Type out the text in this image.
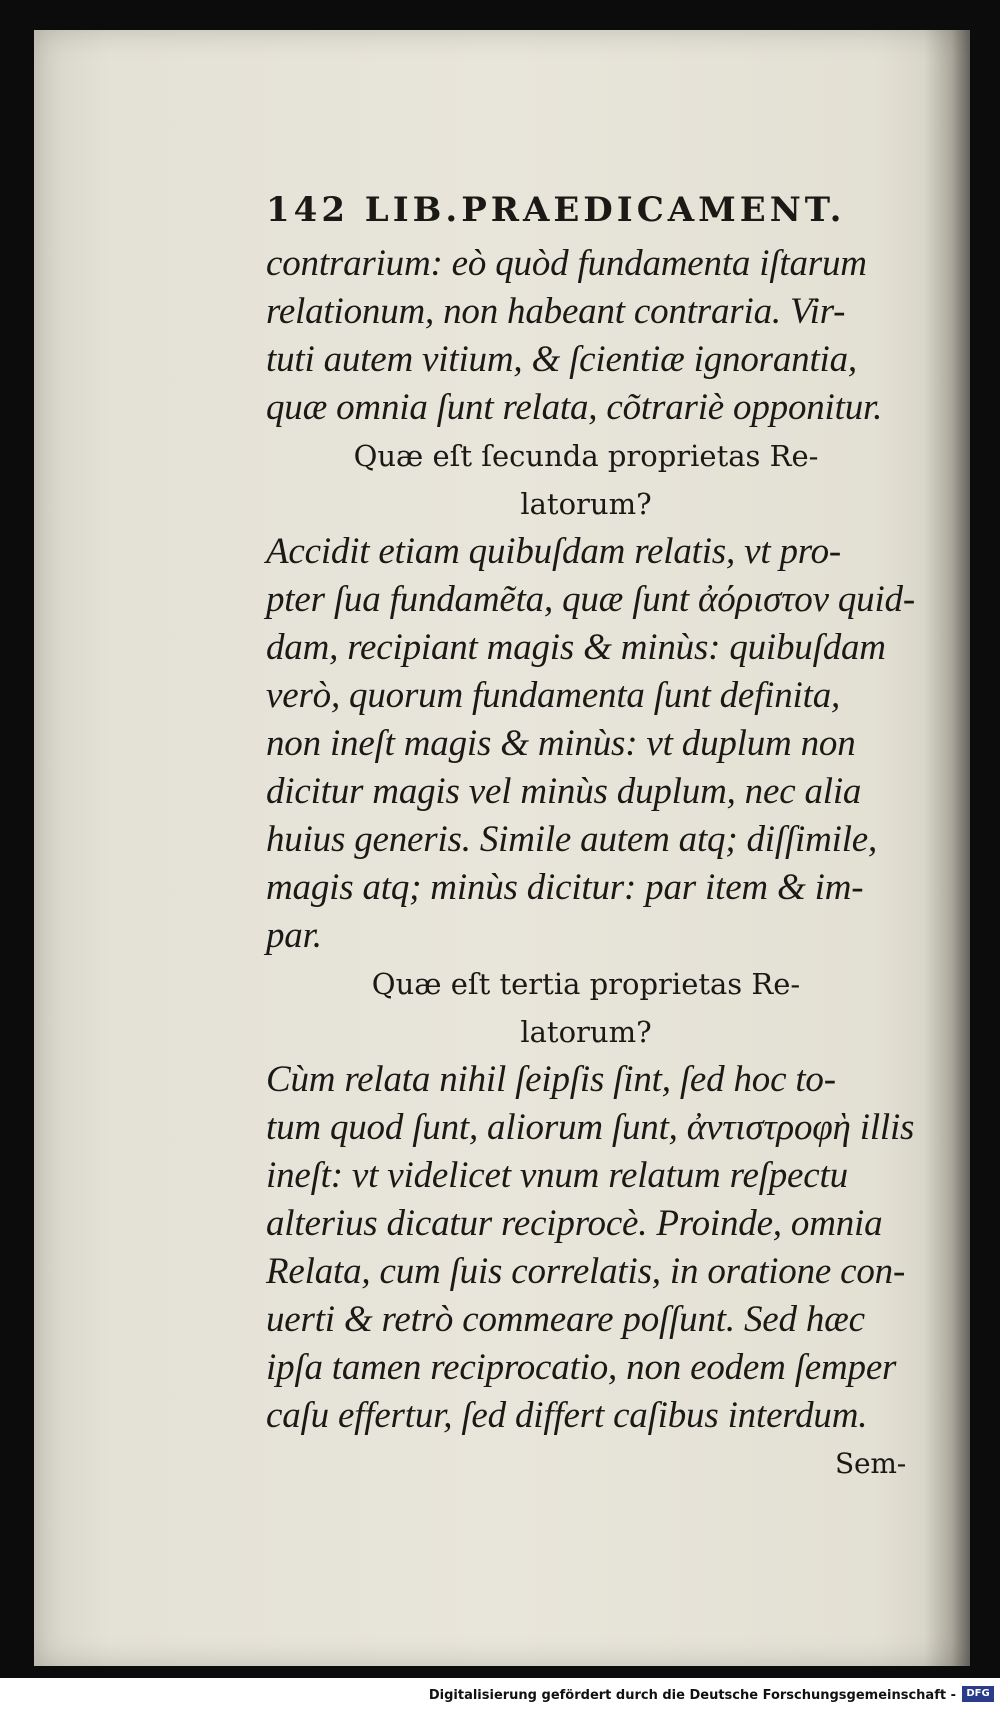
142 LIB.PRAEDICAMENT.
contrarium: eò quòd fundamenta iſtarum
relationum, non habeant contraria. Vir-
tuti autem vitium, & ſcientiæ ignorantia,
quæ omnia ſunt relata, cõtrariè opponitur.
Quæ eſt ſecunda proprietas Re-
latorum?
Accidit etiam quibuſdam relatis, vt pro-
pter ſua fundamẽta, quæ ſunt ἀόριστον quid-
dam, recipiant magis & minùs: quibuſdam
verò, quorum fundamenta ſunt definita,
non ineſt magis & minùs: vt duplum non
dicitur magis vel minùs duplum, nec alia
huius generis. Simile autem atq; diſſimile,
magis atq; minùs dicitur: par item & im-
par.
Quæ eſt tertia proprietas Re-
latorum?
Cùm relata nihil ſeipſis ſint, ſed hoc to-
tum quod ſunt, aliorum ſunt, ἀντιστροφὴ illis
ineſt: vt videlicet vnum relatum reſpectu
alterius dicatur reciprocè. Proinde, omnia
Relata, cum ſuis correlatis, in oratione con-
uerti & retrò commeare poſſunt. Sed hæc
ipſa tamen reciprocatio, non eodem ſemper
caſu effertur, ſed differt caſibus interdum.
Sem-
Digitalisierung gefördert durch die Deutsche Forschungsgemeinschaft -	DFG
